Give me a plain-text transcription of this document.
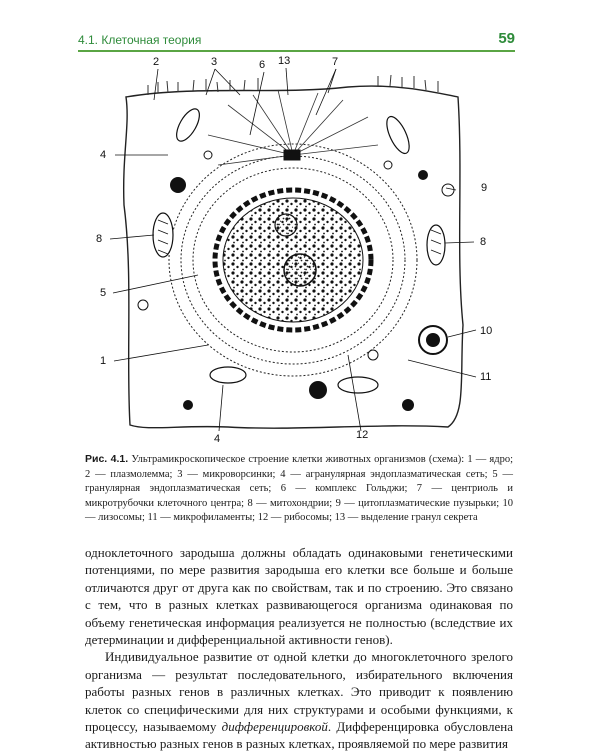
4.1. Клеточная теория	59
2	3	6 13	7
4
9
8	8
5
10
1
11
4	12
Рис. 4.1. Ультрамикроскопическое строение клетки животных организмов (схема): 1 — ядро; 2 — плазмолемма; 3 — микроворсинки; 4 — агранулярная эндоплазматическая сеть; 5 — гранулярная эндоплазматическая сеть; 6 — комплекс Гольджи; 7 — центриоль и микротрубочки клеточного центра; 8 — митохондрии; 9 — цитоплазматические пузырьки; 10 — лизосомы; 11 — микрофиламенты; 12 — рибосомы; 13 — выделение гранул секрета

одноклеточного зародыша должны обладать одинаковыми генетическими потенциями, по мере развития зародыша его клетки все больше и больше отличаются друг от друга как по свойствам, так и по строению. Это связано с тем, что в разных клетках развивающегося организма одинаковая по объему генетическая информация реализуется не полностью (вследствие их детерминации и дифференциальной активности генов).

Индивидуальное развитие от одной клетки до многоклеточного зрелого организма — результат последовательного, избирательного включения работы разных генов в различных клетках. Это приводит к появлению клеток со специфическими для них структурами и особыми функциями, к процессу, называемому дифференцировкой. Дифференцировка обусловлена активностью разных генов в разных клетках, проявляемой по мере развития
